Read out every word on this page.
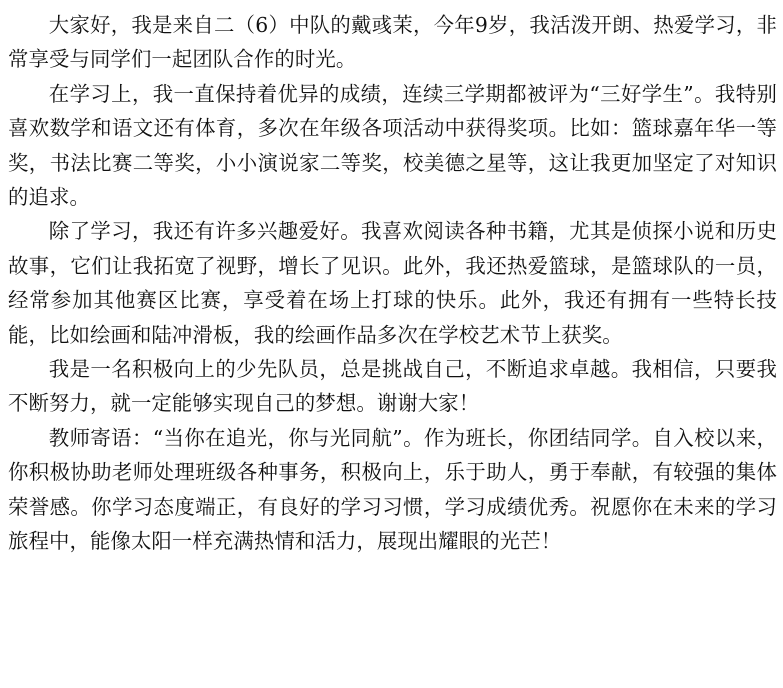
大家好，我是来自二（6）中队的戴彧茉，今年9岁，我活泼开朗、热爱学习，非常享受与同学们一起团队合作的时光。

在学习上，我一直保持着优异的成绩，连续三学期都被评为“三好学生”。我特别喜欢数学和语文还有体育，多次在年级各项活动中获得奖项。比如：篮球嘉年华一等奖，书法比赛二等奖，小小演说家二等奖，校美德之星等，这让我更加坚定了对知识的追求。

除了学习，我还有许多兴趣爱好。我喜欢阅读各种书籍，尤其是侦探小说和历史故事，它们让我拓宽了视野，增长了见识。此外，我还热爱篮球，是篮球队的一员，经常参加其他赛区比赛，享受着在场上打球的快乐。此外，我还有拥有一些特长技能，比如绘画和陆冲滑板，我的绘画作品多次在学校艺术节上获奖。

我是一名积极向上的少先队员，总是挑战自己，不断追求卓越。我相信，只要我不断努力，就一定能够实现自己的梦想。谢谢大家！

教师寄语：“当你在追光，你与光同航”。作为班长，你团结同学。自入校以来，你积极协助老师处理班级各种事务，积极向上，乐于助人，勇于奉献，有较强的集体荣誉感。你学习态度端正，有良好的学习习惯，学习成绩优秀。祝愿你在未来的学习旅程中，能像太阳一样充满热情和活力，展现出耀眼的光芒！
